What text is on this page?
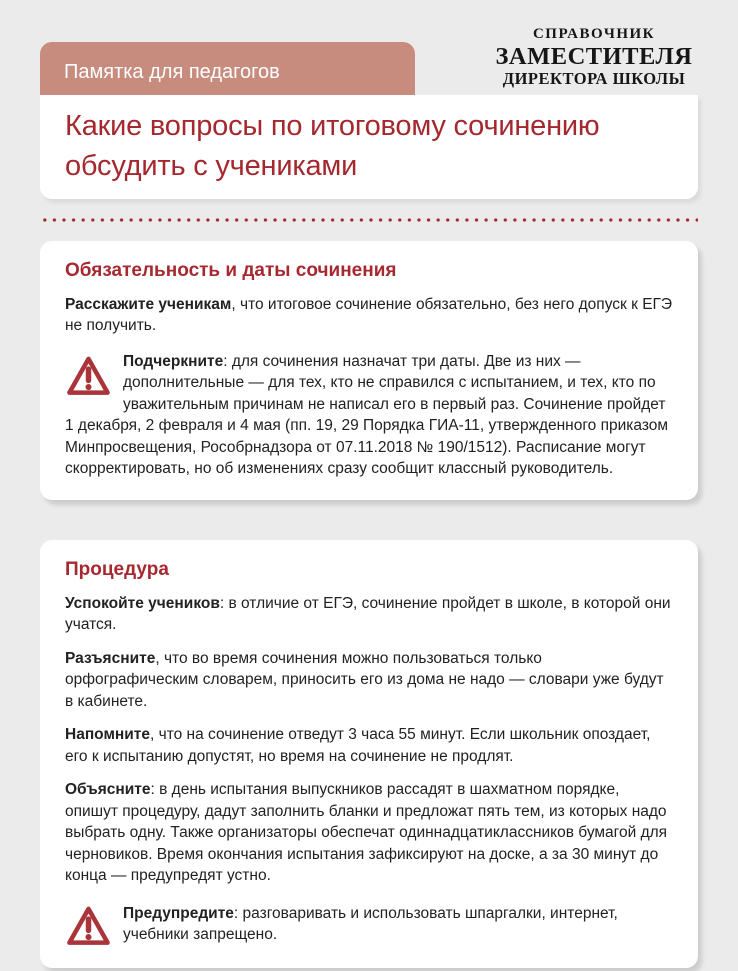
Памятка для педагогов
СПРАВОЧНИК
ЗАМЕСТИТЕЛЯ
ДИРЕКТОРА ШКОЛЫ
Какие вопросы по итоговому сочинению обсудить с учениками
Обязательность и даты сочинения

Расскажите ученикам, что итоговое сочинение обязательно, без него допуск к ЕГЭ не получить.

Подчеркните: для сочинения назначат три даты. Две из них — дополнительные — для тех, кто не справился с испытанием, и тех, кто по уважительным причинам не написал его в первый раз. Сочинение пройдет 1 декабря, 2 февраля и 4 мая (пп. 19, 29 Порядка ГИА-11, утвержденного приказом Минпросвещения, Рособрнадзора от 07.11.2018 № 190/1512). Расписание могут скорректировать, но об изменениях сразу сообщит классный руководитель.

Процедура

Успокойте учеников: в отличие от ЕГЭ, сочинение пройдет в школе, в которой они учатся.

Разъясните, что во время сочинения можно пользоваться только орфографическим словарем, приносить его из дома не надо — словари уже будут в кабинете.

Напомните, что на сочинение отведут 3 часа 55 минут. Если школьник опоздает, его к испытанию допустят, но время на сочинение не продлят.

Объясните: в день испытания выпускников рассадят в шахматном порядке, опишут процедуру, дадут заполнить бланки и предложат пять тем, из которых надо выбрать одну. Также организаторы обеспечат одиннадцатиклассников бумагой для черновиков. Время окончания испытания зафиксируют на доске, а за 30 минут до конца — предупредят устно.

Предупредите: разговаривать и использовать шпаргалки, интернет, учебники запрещено.
